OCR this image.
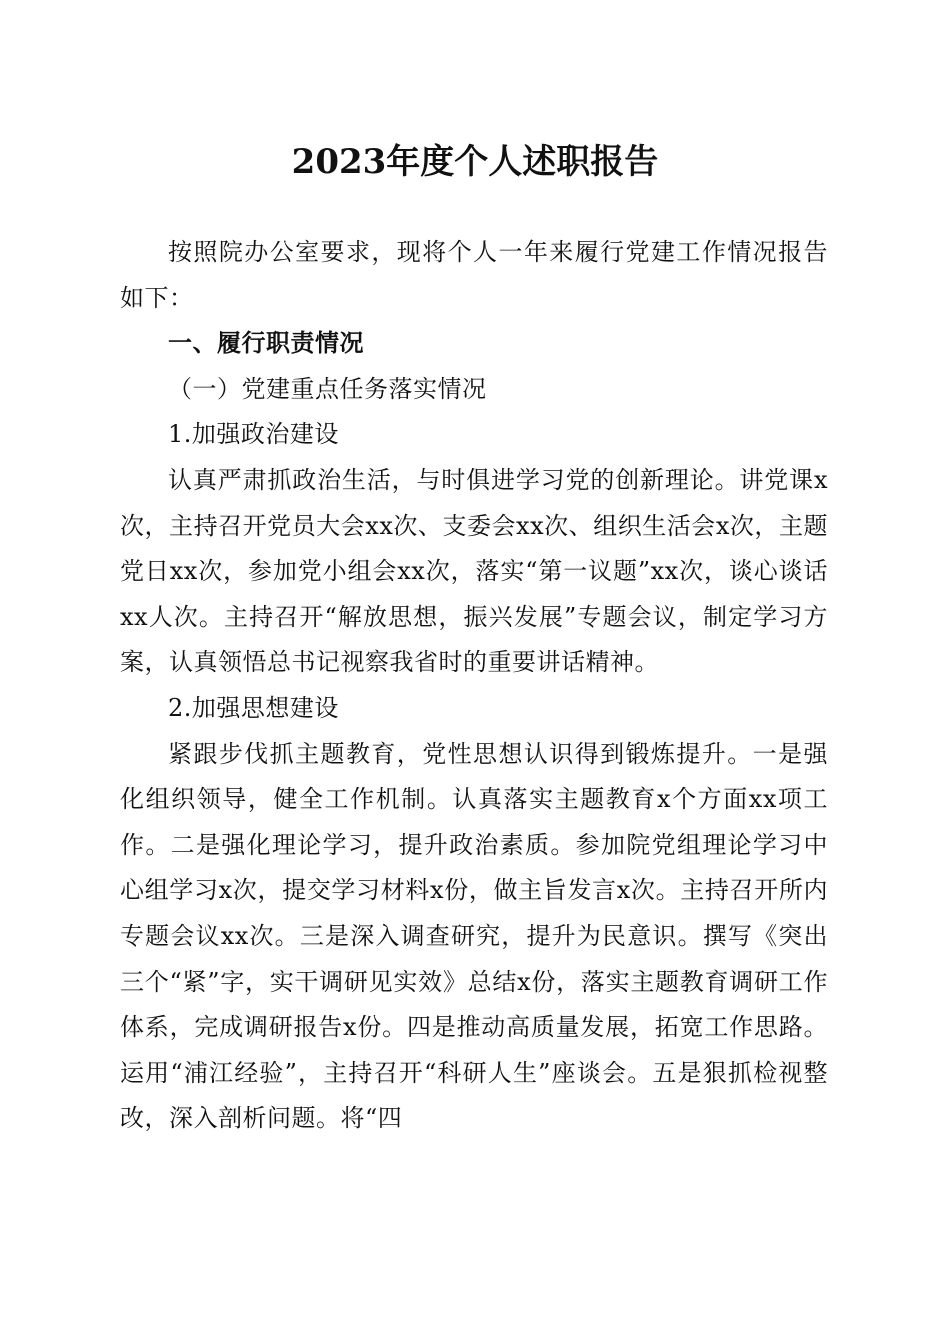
2023年度个人述职报告

按照院办公室要求，现将个人一年来履行党建工作情况报告如下：

一、履行职责情况

（一）党建重点任务落实情况

1.加强政治建设

认真严肃抓政治生活，与时俱进学习党的创新理论。讲党课x次，主持召开党员大会xx次、支委会xx次、组织生活会x次，主题党日xx次，参加党小组会xx次，落实“第一议题”xx次，谈心谈话xx人次。主持召开“解放思想，振兴发展”专题会议，制定学习方案，认真领悟总书记视察我省时的重要讲话精神。

2.加强思想建设

紧跟步伐抓主题教育，党性思想认识得到锻炼提升。一是强化组织领导，健全工作机制。认真落实主题教育x个方面xx项工作。二是强化理论学习，提升政治素质。参加院党组理论学习中心组学习x次，提交学习材料x份，做主旨发言x次。主持召开所内专题会议xx次。三是深入调查研究，提升为民意识。撰写《突出三个“紧”字，实干调研见实效》总结x份，落实主题教育调研工作体系，完成调研报告x份。四是推动高质量发展，拓宽工作思路。运用“浦江经验”，主持召开“科研人生”座谈会。五是狠抓检视整改，深入剖析问题。将“四
